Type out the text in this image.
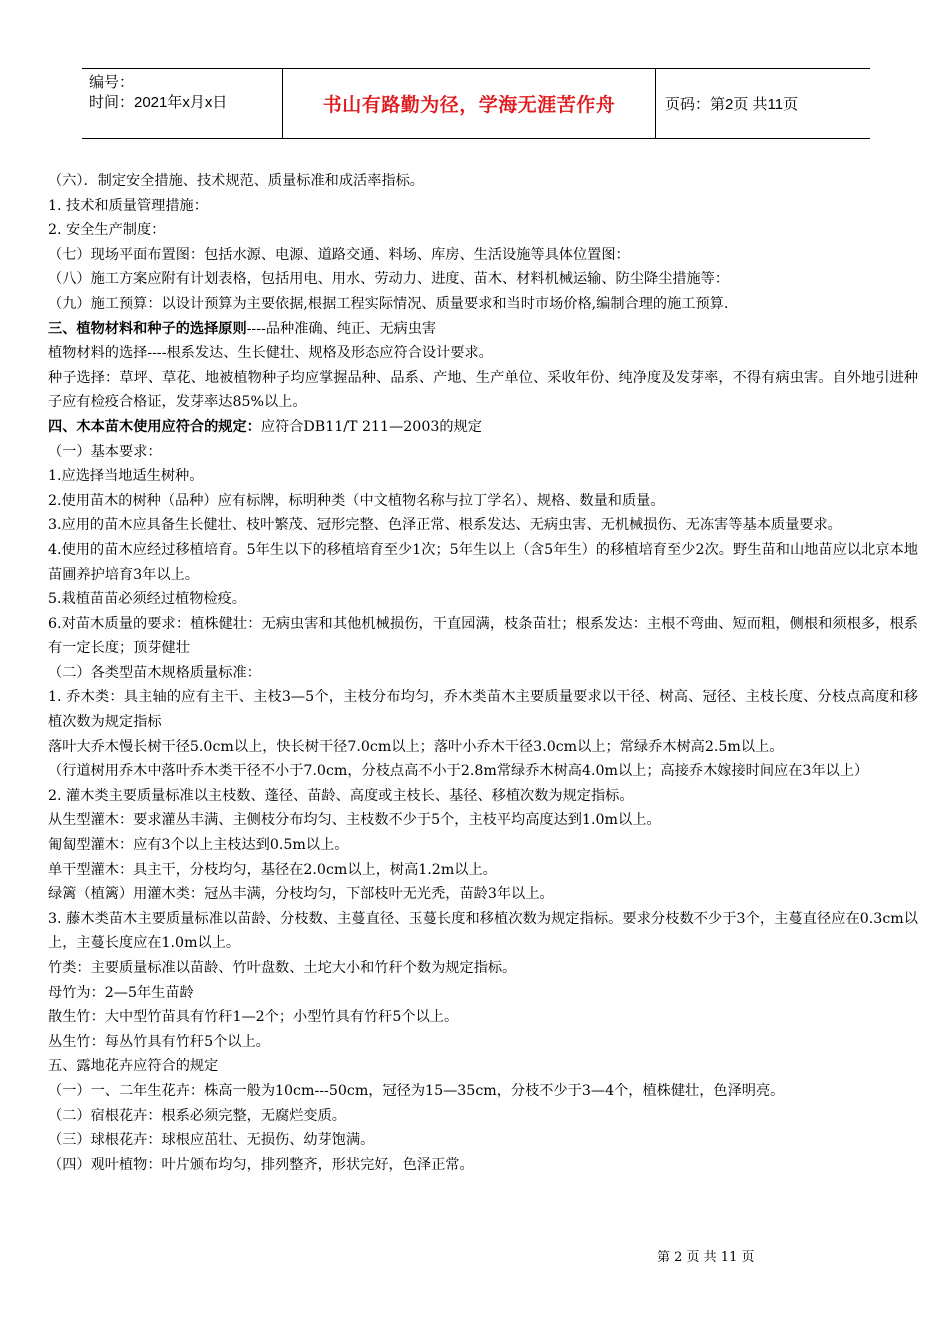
编号：
时间：2021年x月x日	书山有路勤为径，学海无涯苦作舟	页码：第2页 共11页

（六）．制定安全措施、技术规范、质量标准和成活率指标。

1. 技术和质量管理措施：

2. 安全生产制度：

（七）现场平面布置图：包括水源、电源、道路交通、料场、库房、生活设施等具体位置图：

（八）施工方案应附有计划表格，包括用电、用水、劳动力、进度、苗木、材料机械运输、防尘降尘措施等：

（九）施工预算：以设计预算为主要依据,根据工程实际情况、质量要求和当时市场价格,编制合理的施工预算.

三、植物材料和种子的选择原则----品种准确、纯正、无病虫害

植物材料的选择----根系发达、生长健壮、规格及形态应符合设计要求。

种子选择：草坪、草花、地被植物种子均应掌握品种、品系、产地、生产单位、采收年份、纯净度及发芽率，不得有病虫害。自外地引进种子应有检疫合格证，发芽率达85%以上。

四、木本苗木使用应符合的规定：应符合DB11/T 211—2003的规定

（一）基本要求：

1.应选择当地适生树种。

2.使用苗木的树种（品种）应有标牌，标明种类（中文植物名称与拉丁学名）、规格、数量和质量。

3.应用的苗木应具备生长健壮、枝叶繁茂、冠形完整、色泽正常、根系发达、无病虫害、无机械损伤、无冻害等基本质量要求。

4.使用的苗木应经过移植培育。5年生以下的移植培育至少1次；5年生以上（含5年生）的移植培育至少2次。野生苗和山地苗应以北京本地苗圃养护培育3年以上。

5.栽植苗苗必须经过植物检疫。

6.对苗木质量的要求：植株健壮：无病虫害和其他机械损伤，干直园满，枝条苗壮；根系发达：主根不弯曲、短而粗，侧根和须根多，根系有一定长度；顶芽健壮

（二）各类型苗木规格质量标准：

1. 乔木类：具主轴的应有主干、主枝3—5个，主枝分布均匀，乔木类苗木主要质量要求以干径、树高、冠径、主枝长度、分枝点高度和移植次数为规定指标

落叶大乔木慢长树干径5.0cm以上，快长树干径7.0cm以上；落叶小乔木干径3.0cm以上；常绿乔木树高2.5m以上。

（行道树用乔木中落叶乔木类干径不小于7.0cm，分枝点高不小于2.8m常绿乔木树高4.0m以上；高接乔木嫁接时间应在3年以上）

2. 灌木类主要质量标准以主枝数、蓬径、苗龄、高度或主枝长、基径、移植次数为规定指标。

从生型灌木：要求灌丛丰满、主侧枝分布均匀、主枝数不少于5个，主枝平均高度达到1.0m以上。

匍匐型灌木：应有3个以上主枝达到0.5m以上。

单干型灌木：具主干，分枝均匀，基径在2.0cm以上，树高1.2m以上。

绿篱（植篱）用灌木类：冠丛丰满，分枝均匀，下部枝叶无光秃，苗龄3年以上。

3. 藤木类苗木主要质量标准以苗龄、分枝数、主蔓直径、玉蔓长度和移植次数为规定指标。要求分枝数不少于3个，主蔓直径应在0.3cm以上，主蔓长度应在1.0m以上。

竹类：主要质量标准以苗龄、竹叶盘数、土坨大小和竹秆个数为规定指标。

母竹为：2—5年生苗龄

散生竹：大中型竹苗具有竹秆1—2个；小型竹具有竹秆5个以上。

丛生竹：每丛竹具有竹秆5个以上。

五、露地花卉应符合的规定

（一）一、二年生花卉：株高一般为10cm---50cm，冠径为15—35cm，分枝不少于3—4个，植株健壮，色泽明亮。

（二）宿根花卉：根系必须完整，无腐烂变质。

（三）球根花卉：球根应茁壮、无损伤、幼芽饱满。

（四）观叶植物：叶片颁布均匀，排列整齐，形状完好，色泽正常。

第 2 页 共 11 页
